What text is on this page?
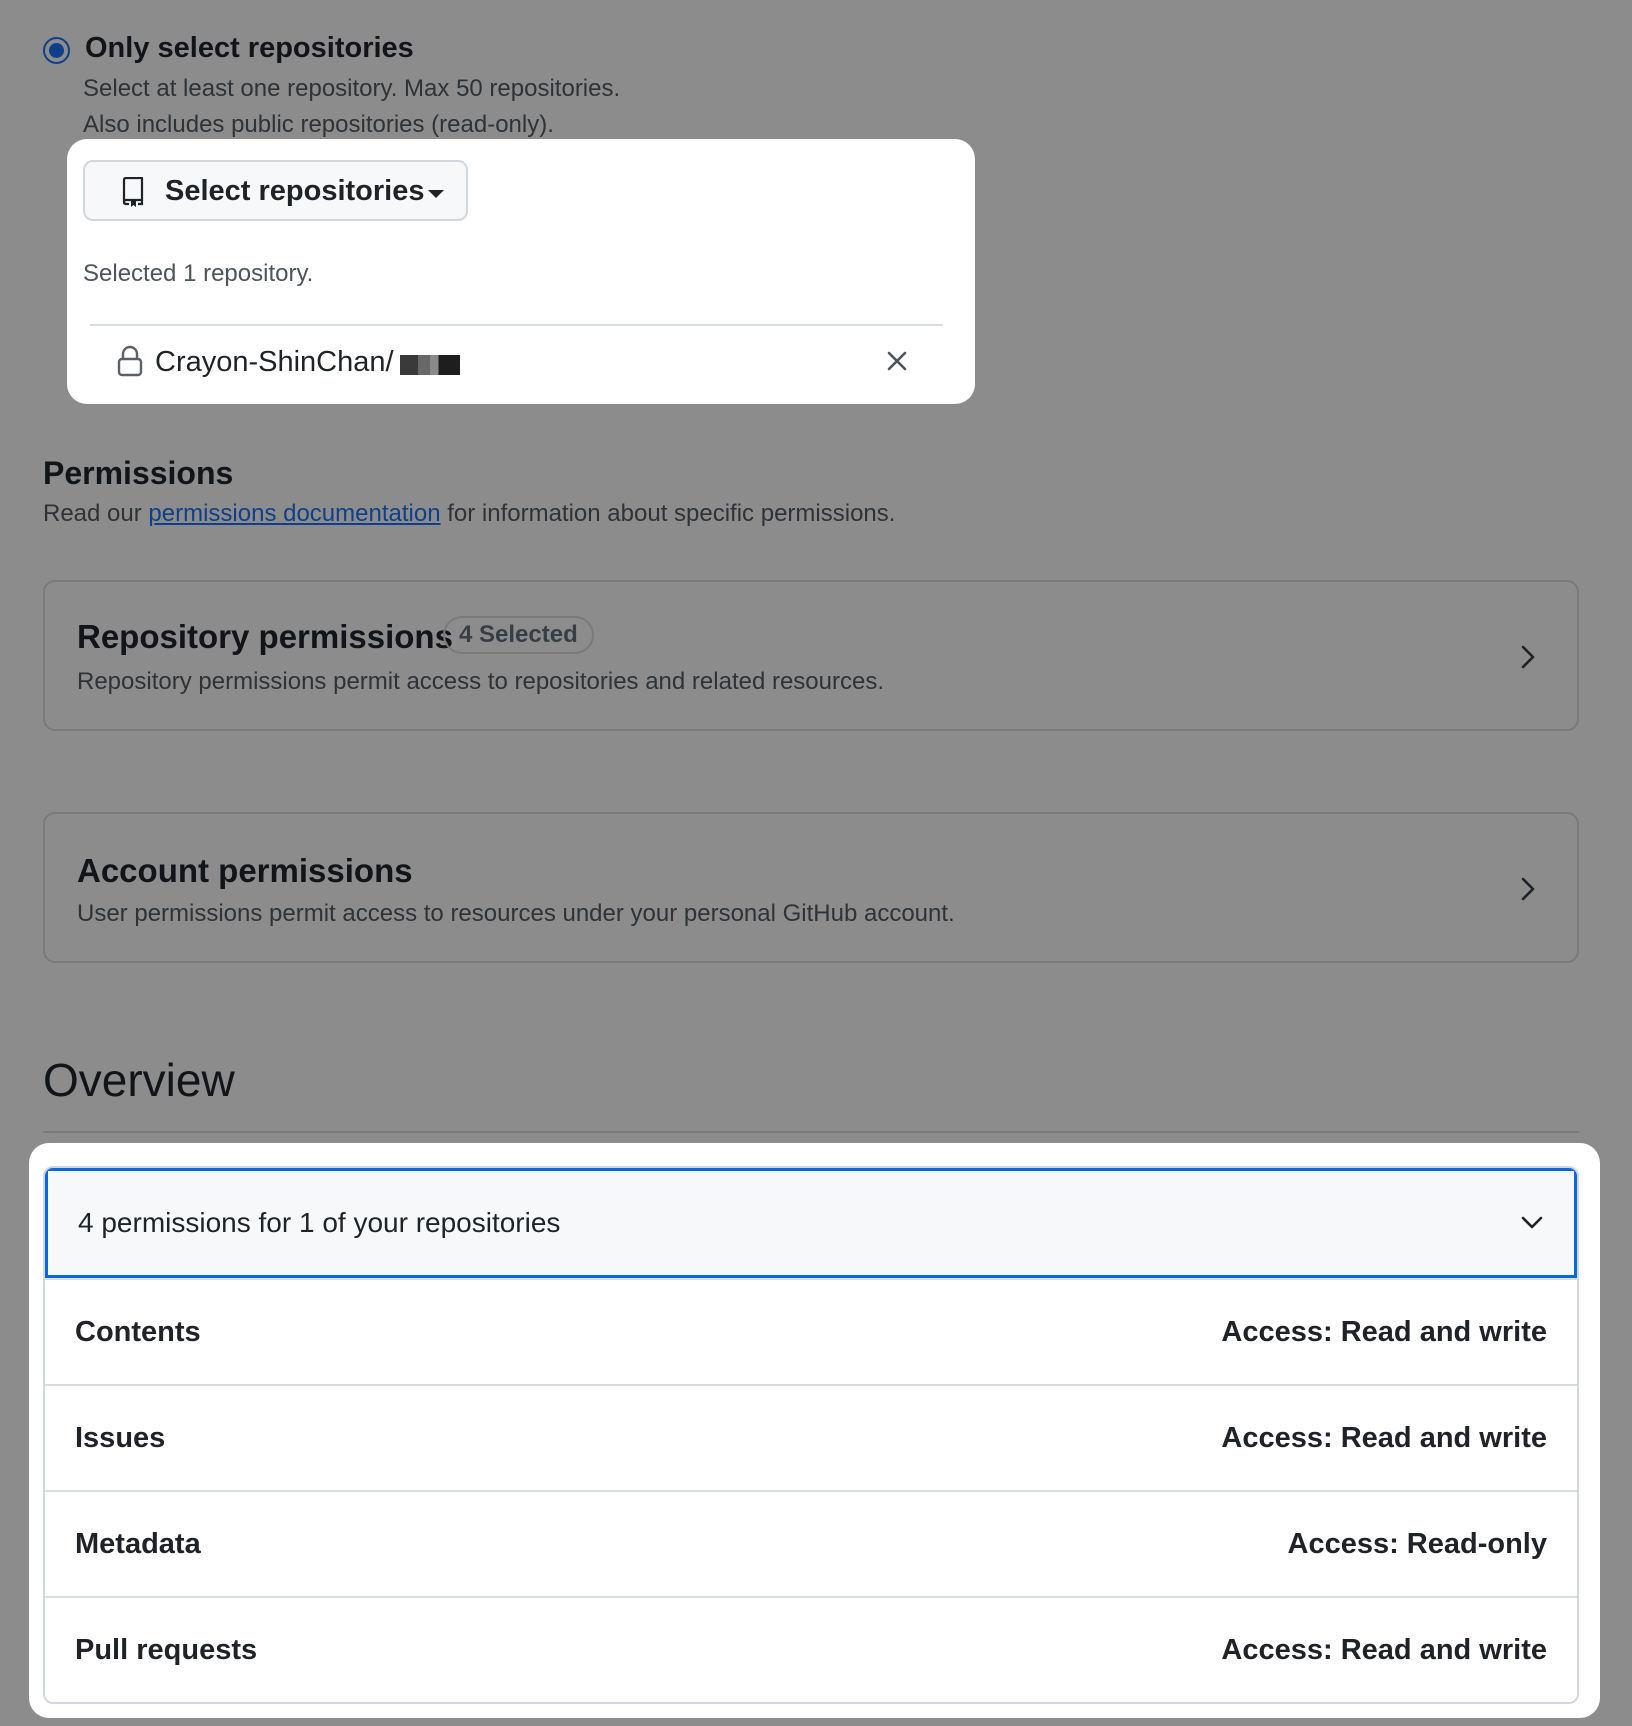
Only select repositories
Select at least one repository. Max 50 repositories.
Also includes public repositories (read-only).
Select repositories
Selected 1 repository.
Crayon-ShinChan/
Permissions
Read our permissions documentation for information about specific permissions.
Repository permissions 4 Selected
Repository permissions permit access to repositories and related resources.
Account permissions
User permissions permit access to resources under your personal GitHub account.
Overview
4 permissions for 1 of your repositories
Contents	Access: Read and write
Issues	Access: Read and write
Metadata	Access: Read-only
Pull requests	Access: Read and write
